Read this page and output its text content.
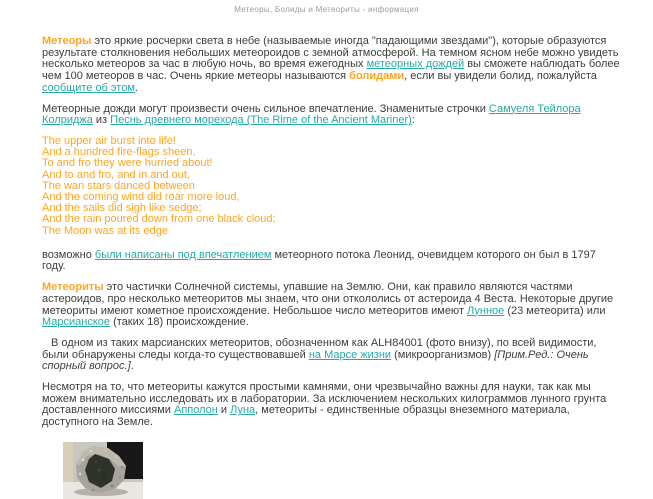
Метеоры, Болиды и Метеориты - информация

Метеоры это яркие росчерки света в небе (называемые иногда "падающими звездами"), которые образуются результате столкновения небольших метеороидов с земной атмосферой. На темном ясном небе можно увидеть несколько метеоров за час в любую ночь, во время ежегодных метеорных дождей вы сможете наблюдать более чем 100 метеоров в час. Очень яркие метеоры называются болидами, если вы увидели болид, пожалуйста сообщите об этом.

Метеорные дожди могут произвести очень сильное впечатление. Знаменитые строчки Самуеля Тейлора Колриджа из Песнь древнего морехода (The Rime of the Ancient Mariner):

The upper air burst into life!
And a hundred fire-flags sheen,
To and fro they were hurried about!
And to and fro, and in and out,
The wan stars danced between
And the coming wind did roar more loud,
And the sails did sigh like sedge;
And the rain poured down from one black cloud;
The Moon was at its edge

возможно были написаны под впечатлением метеорного потока Леонид, очевидцем которого он был в 1797 году.

Метеориты это частички Солнечной системы, упавшие на Землю. Они, как правило являются частями астероидов, про несколько метеоритов мы знаем, что они откололись от астероида 4 Веста. Некоторые другие метеориты имеют кометное происхождение. Небольшое число метеоритов имеют Лунное (23 метеорита) или Марсианское (таких 18) происхождение.

В одном из таких марсианских метеоритов, обозначенном как ALH84001 (фото внизу), по всей видимости, были обнаружены следы когда-то существовавшей на Марсе жизни (микроорганизмов) [Прим.Ред.: Очень спорный вопрос.].

Несмотря на то, что метеориты кажутся простыми камнями, они чрезвычайно важны для науки, так как мы можем внимательно исследовать их в лаборатории. За исключением нескольких килограммов лунного грунта доставленного миссиями Апполон и Луна, метеориты - единственные образцы внеземного материала, доступного на Земле.
